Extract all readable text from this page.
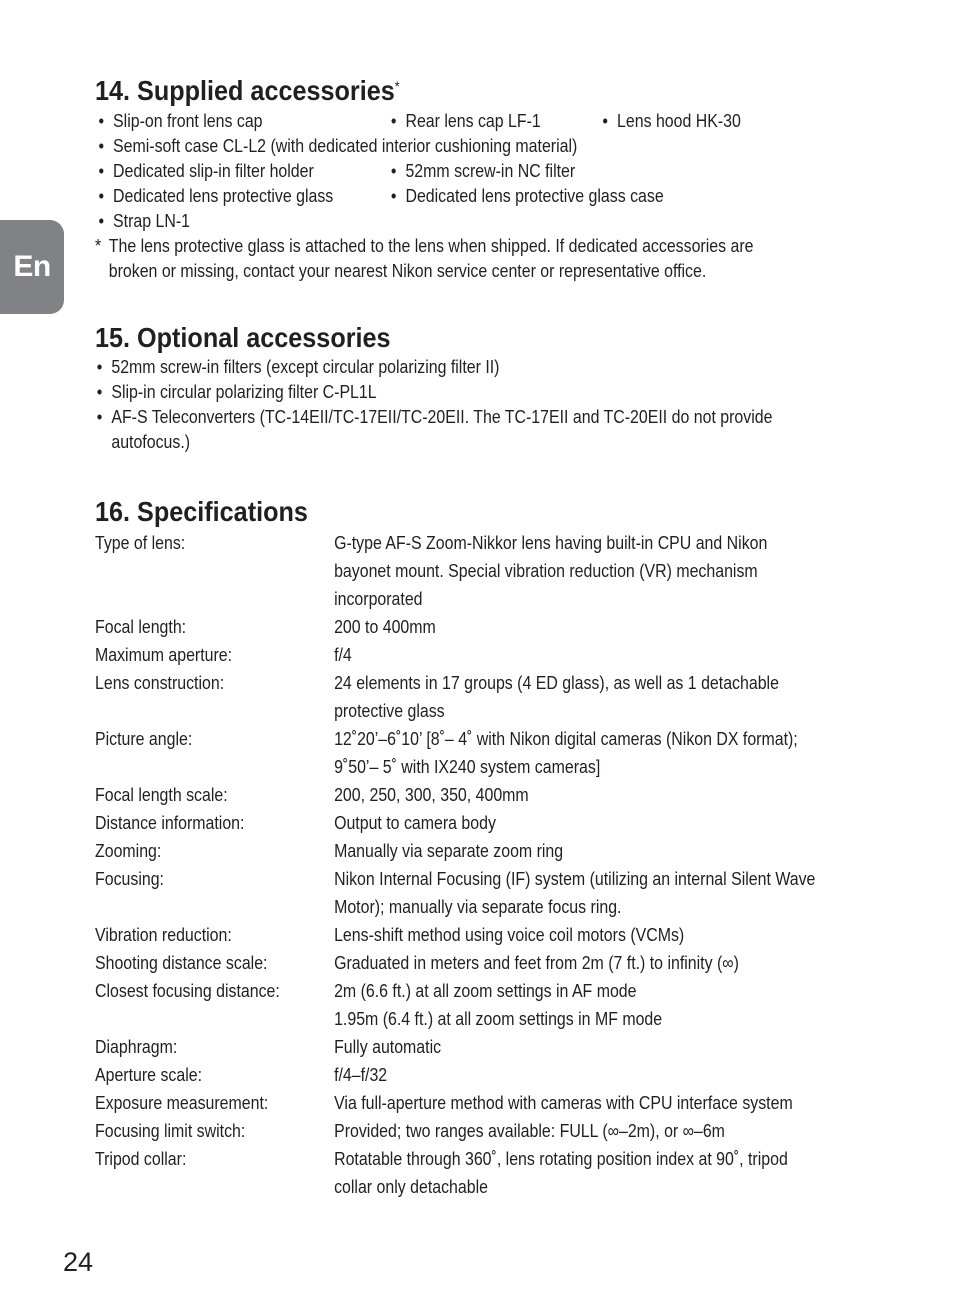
En
14. Supplied accessories*
• Slip-on front lens cap	• Rear lens cap LF-1	• Lens hood HK-30
• Semi-soft case CL-L2 (with dedicated interior cushioning material)
• Dedicated slip-in filter holder	• 52mm screw-in NC filter
• Dedicated lens protective glass	• Dedicated lens protective glass case
• Strap LN-1
* The lens protective glass is attached to the lens when shipped. If dedicated accessories are
broken or missing, contact your nearest Nikon service center or representative office.
15. Optional accessories
• 52mm screw-in filters (except circular polarizing filter II)
• Slip-in circular polarizing filter C-PL1L
• AF-S Teleconverters (TC-14EII/TC-17EII/TC-20EII. The TC-17EII and TC-20EII do not provide
autofocus.)
16. Specifications
Type of lens:	G-type AF-S Zoom-Nikkor lens having built-in CPU and Nikon
bayonet mount. Special vibration reduction (VR) mechanism
incorporated
Focal length:	200 to 400mm
Maximum aperture:	f/4
Lens construction:	24 elements in 17 groups (4 ED glass), as well as 1 detachable
protective glass
Picture angle:	12˚20’–6˚10’ [8˚– 4˚ with Nikon digital cameras (Nikon DX format);
9˚50’– 5˚ with IX240 system cameras]
Focal length scale:	200, 250, 300, 350, 400mm
Distance information:	Output to camera body
Zooming:	Manually via separate zoom ring
Focusing:	Nikon Internal Focusing (IF) system (utilizing an internal Silent Wave
Motor); manually via separate focus ring.
Vibration reduction:	Lens-shift method using voice coil motors (VCMs)
Shooting distance scale:	Graduated in meters and feet from 2m (7 ft.) to infinity (∞)
Closest focusing distance:	2m (6.6 ft.) at all zoom settings in AF mode
1.95m (6.4 ft.) at all zoom settings in MF mode
Diaphragm:	Fully automatic
Aperture scale:	f/4–f/32
Exposure measurement:	Via full-aperture method with cameras with CPU interface system
Focusing limit switch:	Provided; two ranges available: FULL (∞–2m), or ∞–6m
Tripod collar:	Rotatable through 360˚, lens rotating position index at 90˚, tripod
collar only detachable
24
